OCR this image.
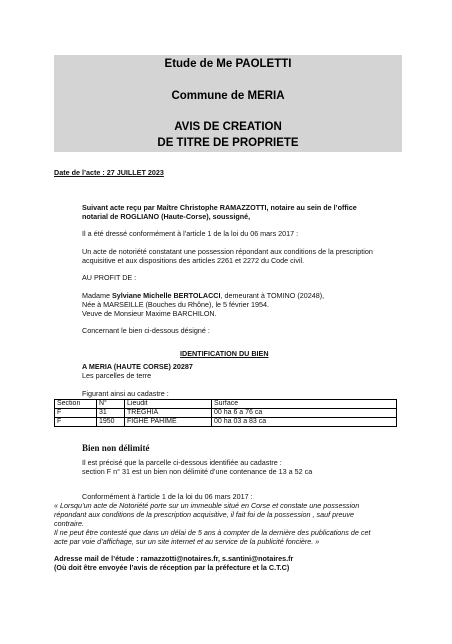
Etude de Me PAOLETTI
Commune de MERIA
AVIS DE CREATION
DE TITRE DE PROPRIETE
Date de l’acte : 27 JUILLET 2023
Suivant acte reçu par Maître Christophe RAMAZZOTTI, notaire au sein de l’office
notarial de ROGLIANO (Haute-Corse), soussigné,
Il a été dressé conformément à l’article 1 de la loi du 06 mars 2017 :
Un acte de notoriété constatant une possession répondant aux conditions de la prescription
acquisitive et aux dispositions des articles 2261 et 2272 du Code civil.
AU PROFIT DE :
Madame Sylviane Michelle BERTOLACCI, demeurant à TOMINO (20248),
Née à MARSEILLE (Bouches du Rhône), le 5 février 1954.
Veuve de Monsieur Maxime BARCHILON.
Concernant le bien ci-dessous désigné :
IDENTIFICATION DU BIEN
A MERIA (HAUTE CORSE) 20287
Les parcelles de terre
Figurant ainsi au cadastre :
Section	N°	Lieudit	Surface
F	31	TREGHIA	00 ha 6 a 76 ca
F	1950	FIGHE PAHIME	00 ha 03 a 83 ca
Bien non délimité
Il est précisé que la parcelle ci-dessous identifiée au cadastre :
section F n° 31 est un bien non délimité d’une contenance de 13 a 52 ca
Conformément à l’article 1 de la loi du 06 mars 2017 :
« Lorsqu’un acte de Notoriété porte sur un immeuble situé en Corse et constate une possession
répondant aux conditions de la prescription acquisitive, il fait foi de la possession , sauf preuve
contraire.
Il ne peut être contesté que dans un délai de 5 ans à compter de la dernière des publications de cet
acte par voie d’affichage, sur un site internet et au service de la publicité foncière. »
Adresse mail de l’étude : ramazzotti@notaires.fr, s.santini@notaires.fr
(Où doit être envoyée l’avis de réception par la préfecture et la C.T.C)
